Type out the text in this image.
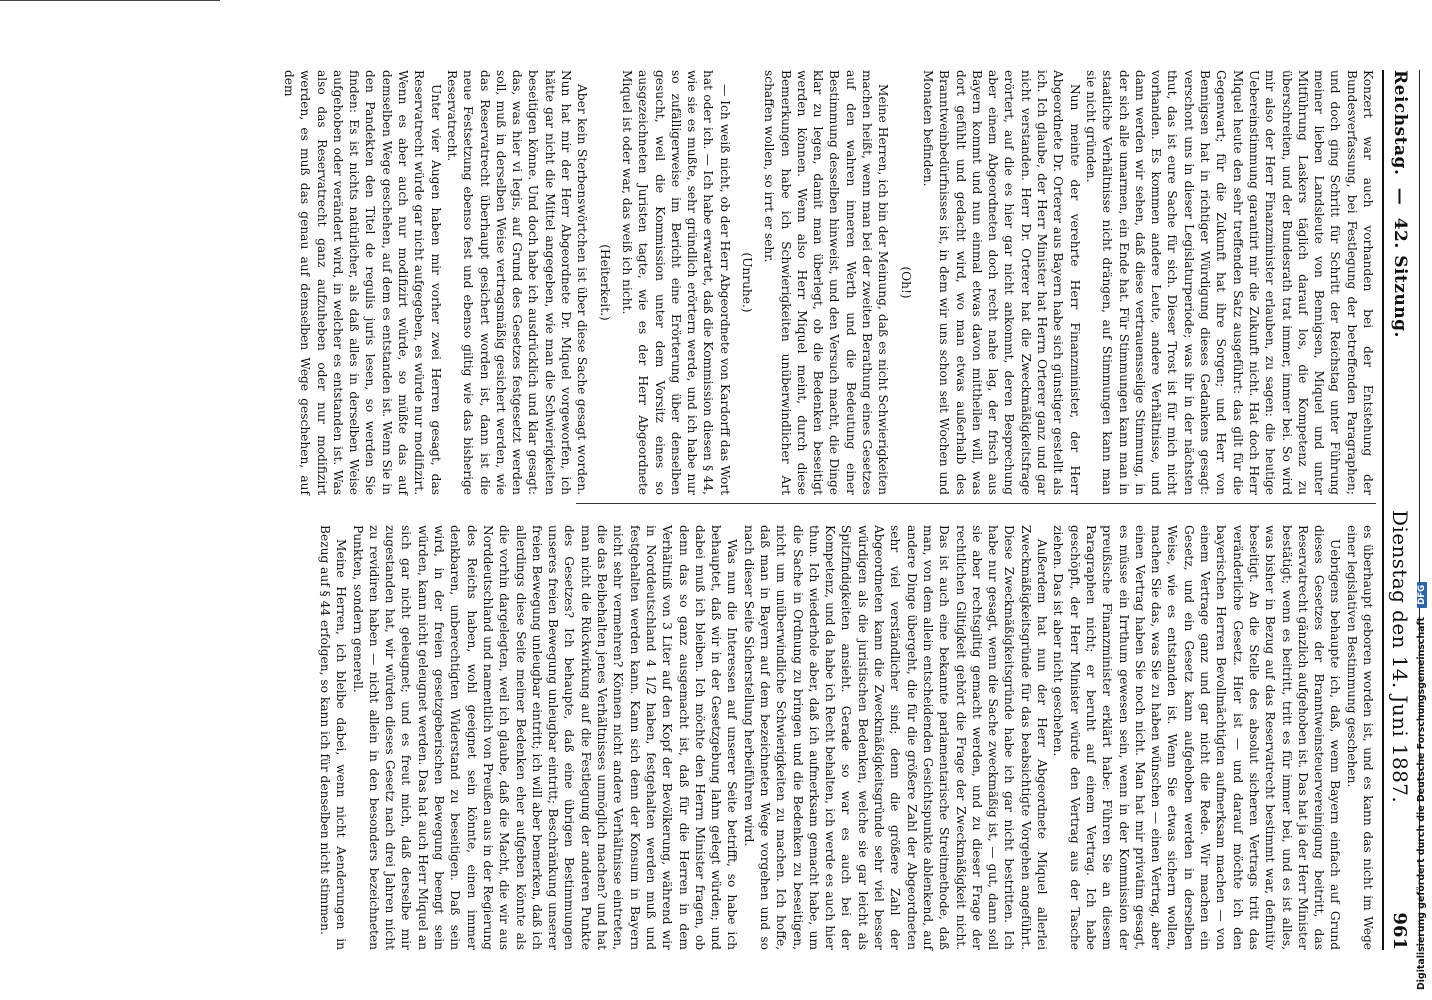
Reichstag. — 42. Sitzung.
Dienstag den 14. Juni 1887.
961

Konzert war auch vorhanden bei der Entstehung der Bundesverfassung, bei Festlegung der betreffenden Paragraphen; und doch ging Schritt für Schritt der Reichstag unter Führung meiner lieben Landsleute von Bennigsen, Miquel und unter Mitführung Laskers täglich darauf los, die Kompetenz zu überschreiten, und der Bundesrath trat immer, immer bei. So wird mir also der Herr Finanzminister erlauben, zu sagen: die heutige Uebereinstimmung garantirt mir die Zukunft nicht. Hat doch Herr Miquel heute den sehr treffenden Satz ausgeführt: das gilt für die Gegenwart; für die Zukunft hat ihre Sorgen; und Herr von Bennigsen hat in richtiger Würdigung dieses Gedankens gesagt: verschont uns in dieser Legislaturperiode; was ihr in der nächsten thut, das ist eure Sache für sich. Dieser Trost ist für mich nicht vorhanden. Es kommen andere Leute, andere Verhältnisse, und dann werden wir sehen, daß diese vertrauensselige Stimmung, in der sich alle umarmen, ein Ende hat. Für Stimmungen kann man in staatliche Verhältnisse nicht drängen, auf Stimmungen kann man sie nicht gründen.

Nun meinte der verehrte Herr Finanzminister, der Herr Abgeordnete Dr. Orterer aus Bayern habe sich günstiger gestellt als ich. Ich glaube, der Herr Minister hat Herrn Orterer ganz und gar nicht verstanden. Herr Dr. Orterer hat die Zweckmäßigkeitsfrage erörtert, auf die es hier gar nicht ankommt, deren Besprechung aber einem Abgeordneten doch recht nahe lag, der frisch aus Bayern kommt und nun einmal etwas davon mittheilen will, was dort gefühlt und gedacht wird, wo man etwas außerhalb des Branntweinbedürfnisses ist, in dem wir uns schon seit Wochen und Monaten befinden.

(Oh!)

Meine Herren, ich bin der Meinung, daß es nicht Schwierigkeiten machen heißt, wenn man bei der zweiten Berathung eines Gesetzes auf den wahren inneren Werth und die Bedeutung einer Bestimmung desselben hinweist, und den Versuch macht, die Dinge klar zu legen, damit man überlegt, ob die Bedenken beseitigt werden können. Wenn also Herr Miquel meint, durch diese Bemerkungen habe ich Schwierigkeiten unüberwindlicher Art schaffen wollen, so irrt er sehr.

(Unruhe.)

— Ich weiß nicht, ob der Herr Abgeordnete von Kardorff das Wort hat oder ich. — Ich habe erwartet, daß die Kommission diesen § 44, wie sie es mußte, sehr gründlich erörtern werde, und ich habe nur so zufälligerweise im Bericht eine Erörterung über denselben gesucht, weil die Kommission unter dem Vorsitz eines so ausgezeichneten Juristen tagte, wie es der Herr Abgeordnete Miquel ist oder war, das weiß ich nicht.

(Heiterkeit.)

Aber kein Sterbenswörtchen ist über diese Sache gesagt worden. Nun hat mir der Herr Abgeordnete Dr. Miquel vorgeworfen, ich hätte gar nicht die Mittel angegeben, wie man die Schwierigkeiten beseitigen könne. Und doch habe ich ausdrücklich und klar gesagt: das, was hier vi legis, auf Grund des Gesetzes festgesetzt werden soll, muß in derselben Weise vertragsmäßig gesichert werden, wie das Reservatrecht überhaupt gesichert worden ist, dann ist die neue Festsetzung ebenso fest und ebenso giltig wie das bisherige Reservatrecht.

Unter vier Augen haben mir vorher zwei Herren gesagt, das Reservatrecht würde gar nicht aufgegeben, es würde nur modifizirt. Wenn es aber auch nur modifizirt würde, so müßte das auf demselben Wege geschehen, auf dem es entstanden ist. Wenn Sie in den Pandekten den Titel de regulis juris lesen, so werden Sie finden: Es ist nichts natürlicher, als daß alles in derselben Weise aufgehoben oder verändert wird, in welcher es entstanden ist. Was also das Reservatrecht ganz aufzuheben oder nur modifizirt werden, es muß das genau auf demselben Wege geschehen, auf dem

es überhaupt geboren worden ist, und es kann das nicht im Wege einer legislativen Bestimmung geschehen.

Uebrigens behaupte ich, daß, wenn Bayern einfach auf Grund dieses Gesetzes der Branntweinsteuervereinigung beitritt, das Reservatrecht gänzlich aufgehoben ist. Das hat ja der Herr Minister bestätigt; wenn es beitritt, tritt es für immer bei, und es ist alles, was bisher in Bezug auf das Reservatrecht bestimmt war, definitiv beseitigt. An die Stelle des absolut sicheren Vertrags tritt das veränderliche Gesetz. Hier ist — und darauf möchte ich den bayerischen Herren Bevollmächtigten aufmerksam machen — von einem Vertrage ganz und gar nicht die Rede. Wir machen ein Gesetz, und ein Gesetz kann aufgehoben werden in derselben Weise, wie es entstanden ist. Wenn Sie etwas sichern wollen, machen Sie das, was Sie zu haben wünschen — einen Vertrag, aber einen Vertrag haben Sie noch nicht. Man hat mir privatim gesagt, es müsse ein Irrthum gewesen sein, wenn in der Kommission der preußische Finanzminister erklärt habe: Führen Sie an diesem Paragraphen nicht; er beruht auf einem Vertrag. Ich habe geschöpft, der Herr Minister würde den Vertrag aus der Tasche ziehen. Das ist aber nicht geschehen.

Außerdem hat nun der Herr Abgeordnete Miquel allerlei Zweckmäßigkeitsgründe für das beabsichtigte Vorgehen angeführt. Diese Zweckmäßigkeitsgründe habe ich gar nicht bestritten. Ich habe nur gesagt, wenn die Sache zweckmäßig ist, — gut, dann soll sie aber rechtsgiltig gemacht werden, und zu dieser Frage der rechtlichen Giltigkeit gehört die Frage der Zweckmäßigkeit nicht. Das ist auch eine bekannte parlamentarische Streitmethode, daß man, von dem allein entscheidenden Gesichtspunkte ablenkend, auf andere Dinge übergeht, die für die größere Zahl der Abgeordneten sehr viel verständlicher sind; denn die größere Zahl der Abgeordneten kann die Zweckmäßigkeitsgründe sehr viel besser würdigen als die juristischen Bedenken, welche sie gar leicht als Spitzfindigkeiten ansieht. Gerade so war es auch bei der Kompetenz, und da habe ich Recht behalten, ich werde es auch hier thun. Ich wiederhole aber, daß ich aufmerksam gemacht habe, um die Sache in Ordnung zu bringen und die Bedenken zu beseitigen, nicht um unüberwindliche Schwierigkeiten zu machen. Ich hoffe, daß man in Bayern auf dem bezeichneten Wege vorgehen und so nach dieser Seite Sicherstellung herbeiführen wird.

Was nun die Interessen auf unserer Seite betrifft, so habe ich behauptet, daß wir in der Gesetzgebung lahm gelegt würden; und dabei muß ich bleiben. Ich möchte den Herrn Minister fragen, ob denn das so ganz ausgemacht ist, daß für die Herren in dem Verhältniß von 3 Liter auf den Kopf der Bevölkerung, während wir in Norddeutschland 4 1/2 haben, festgehalten werden muß und festgehalten werden kann. Kann sich denn der Konsum in Bayern nicht sehr vermehren? Können nicht andere Verhältnisse eintreten, die das Beibehalten jenes Verhältnisses unmöglich machen? und hat man nicht die Rückwirkung auf die Festlegung der anderen Punkte des Gesetzes? Ich behaupte, daß eine übrigen Bestimmungen unseres freien Bewegung unleugbar eintritt; Beschränkung unserer freien Bewegung unleugbar eintritt; ich will aber bemerken, daß ich allerdings diese Seite meiner Bedenken eher aufgeben könnte als die vorhin dargelegten, weil ich glaube, daß die Macht, die wir aus Norddeutschland und namentlich von Preußen aus in der Regierung des Reichs haben, wohl geeignet sein könnte, einen immer denkbaren, unberechtigten Widerstand zu beseitigen. Daß sein wird, in der freien gesetzgeberischen Bewegung beengt sein würden, kann nicht geleugnet werden. Das hat auch Herr Miquel an sich gar nicht geleugnet; und es freut mich, daß derselbe mir zugestanden hat, wir würden dieses Gesetz nach drei Jahren nicht zu revidiren haben — nicht allein in den besonders bezeichneten Punkten, sondern generell.

Meine Herren, ich bleibe dabei, wenn nicht Aenderungen in Bezug auf § 44 erfolgen, so kann ich für denselben nicht stimmen.	Digitalisierung gefördert durch die Deutsche Forschungsgemeinschaft DFG
